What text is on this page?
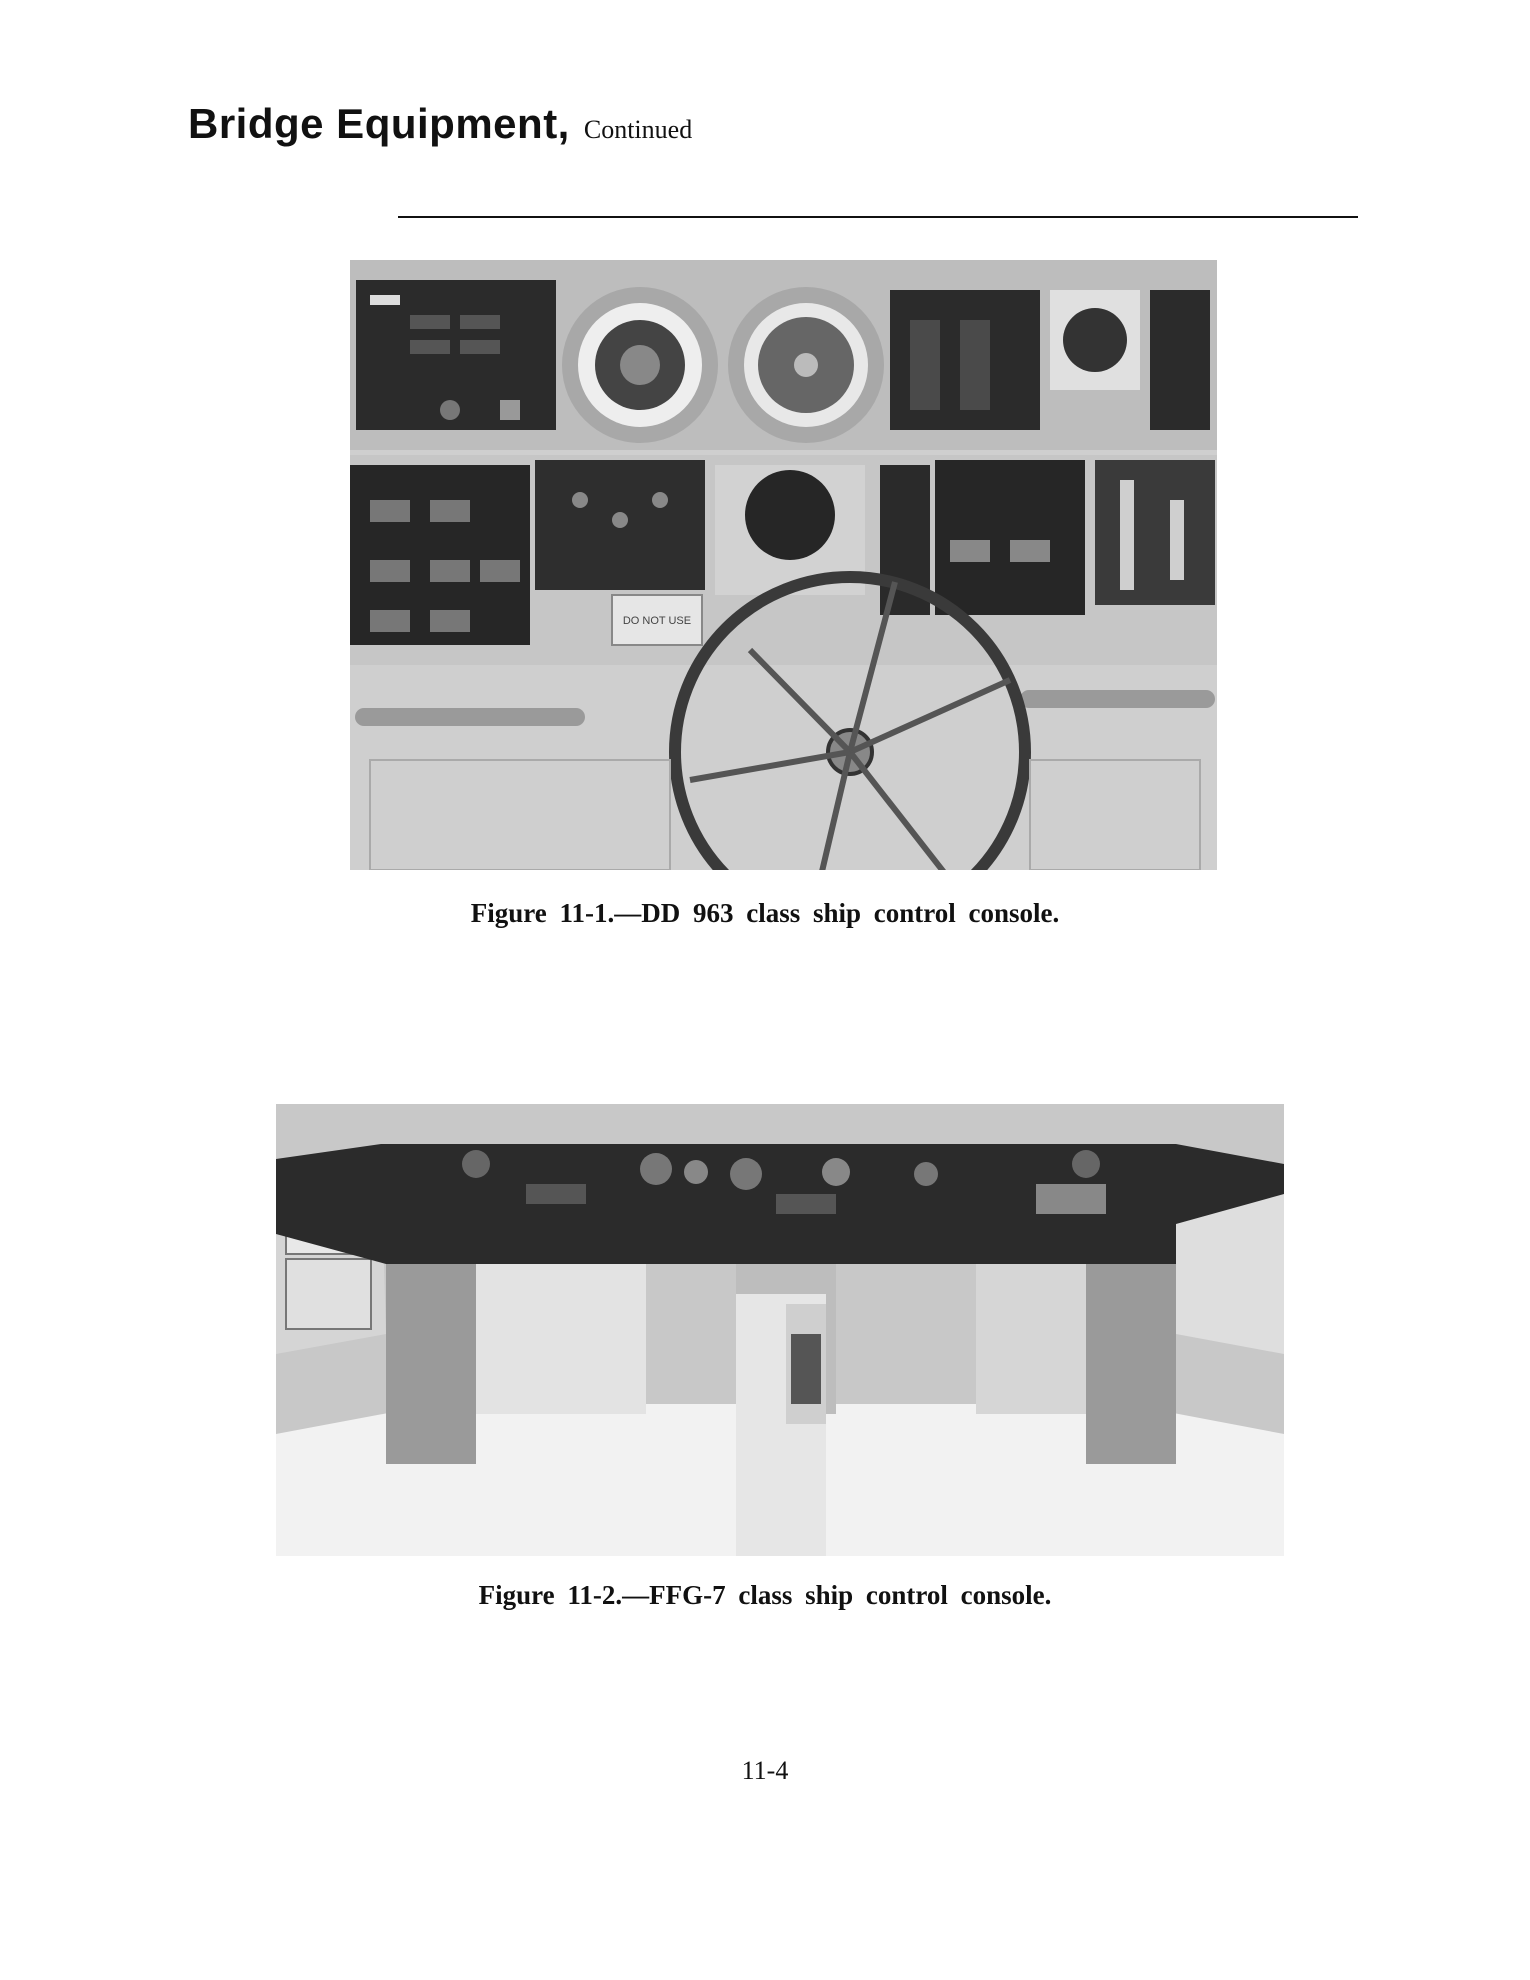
Bridge Equipment, Continued
DO NOT USE
Figure 11-1.—DD 963 class ship control console.
Figure 11-2.—FFG-7 class ship control console.
11-4
